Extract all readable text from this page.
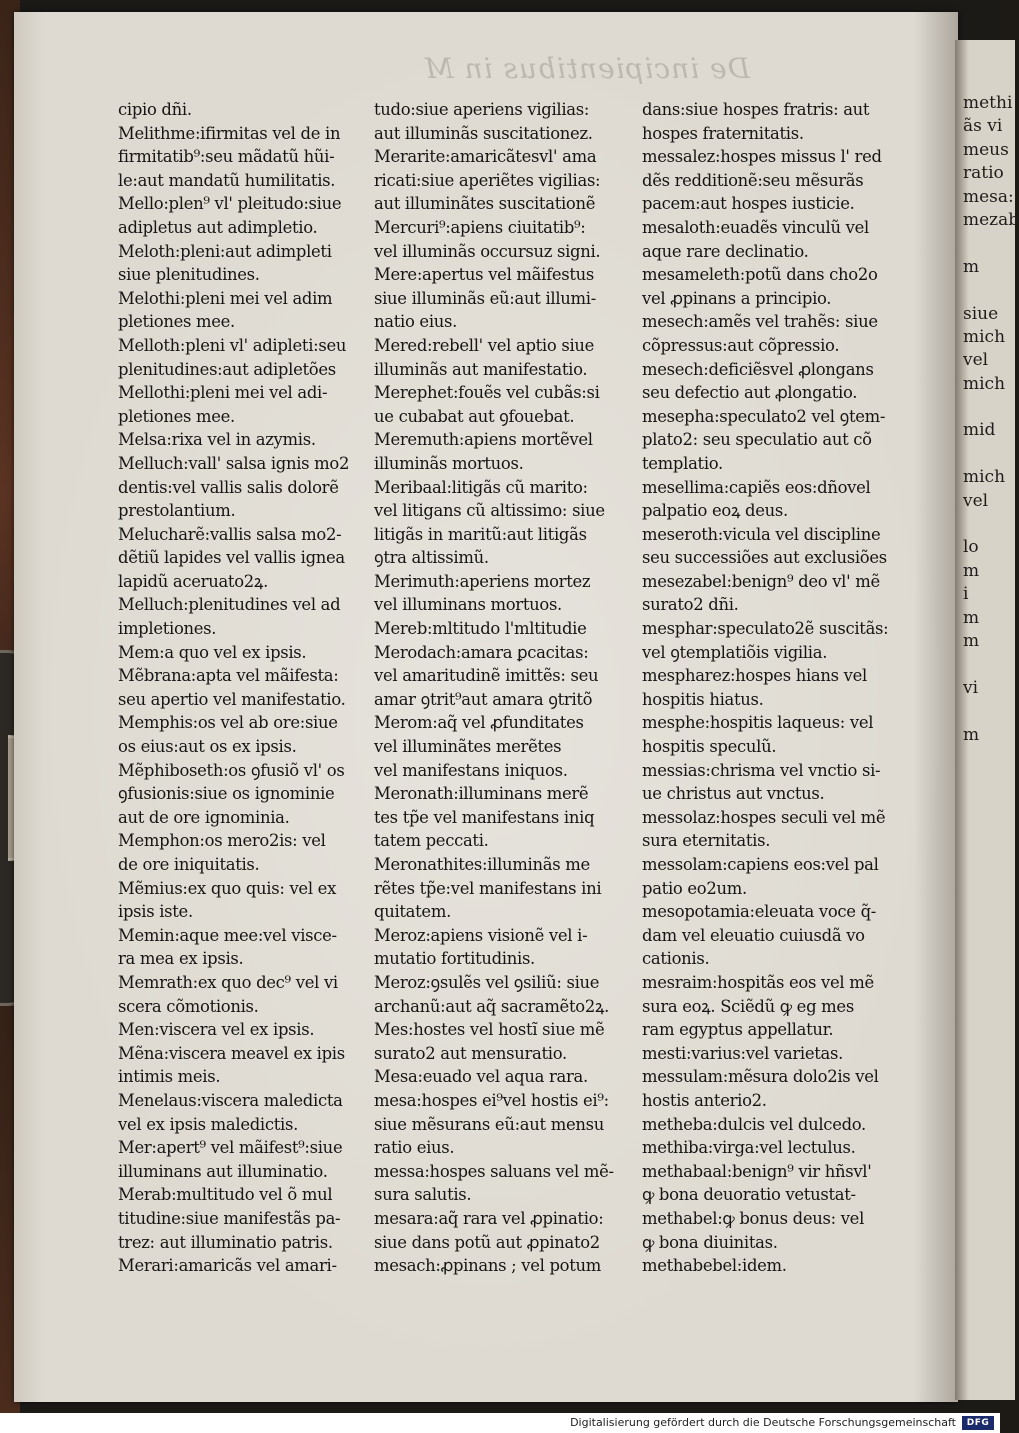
De incipientibus in M
cipio dñi.
Melithme:ifirmitas vel de in
firmitatib⁹:seu mãdatũ hũi-
le:aut mandatũ humilitatis.
Mello:plen⁹ vl' pleitudo:siue
adipletus aut adimpletio.
Meloth:pleni:aut adimpleti
siue plenitudines.
Melothi:pleni mei vel adim
pletiones mee.
Melloth:pleni vl' adipleti:seu
plenitudines:aut adipletões
Mellothi:pleni mei vel adi-
pletiones mee.
Melsa:rixa vel in azymis.
Melluch:vall' salsa ignis mo2
dentis:vel vallis salis dolorẽ
prestolantium.
Melucharẽ:vallis salsa mo2-
dẽtiũ lapides vel vallis ignea
lapidũ aceruato2ꝝ.
Melluch:plenitudines vel ad
impletiones.
Mem:a quo vel ex ipsis.
Mẽbrana:apta vel mãifesta:
seu apertio vel manifestatio.
Memphis:os vel ab ore:siue
os eius:aut os ex ipsis.
Mẽphiboseth:os ꝯfusiõ vl' os
ꝯfusionis:siue os ignominie
aut de ore ignominia.
Memphon:os mero2is: vel
de ore iniquitatis.
Mẽmius:ex quo quis: vel ex
ipsis iste.
Memin:aque mee:vel visce-
ra mea ex ipsis.
Memrath:ex quo dec⁹ vel vi
scera cõmotionis.
Men:viscera vel ex ipsis.
Mẽna:viscera meavel ex ipis
intimis meis.
Menelaus:viscera maledicta
vel ex ipsis maledictis.
Mer:apert⁹ vel mãifest⁹:siue
illuminans aut illuminatio.
Merab:multitudo vel õ mul
titudine:siue manifestãs pa-
trez: aut illuminatio patris.
Merari:amaricãs vel amari-
tudo:siue aperiens vigilias:
aut illuminãs suscitationez.
Merarite:amaricãtesvl' ama
ricati:siue aperiẽtes vigilias:
aut illuminãtes suscitationẽ
Mercuri⁹:apiens ciuitatib⁹:
vel illuminãs occursuz signi.
Mere:apertus vel mãifestus
siue illuminãs eũ:aut illumi-
natio eius.
Mered:rebell' vel aptio siue
illuminãs aut manifestatio.
Merephet:fouẽs vel cubãs:si
ue cubabat aut ꝯfouebat.
Meremuth:apiens mortẽvel
illuminãs mortuos.
Meribaal:litigãs cũ marito:
vel litigans cũ altissimo: siue
litigãs in maritũ:aut litigãs
ꝯtra altissimũ.
Merimuth:aperiens mortez
vel illuminans mortuos.
Mereb:mltitudo l'mltitudie
Merodach:amara ꝑcacitas:
vel amaritudinẽ imittẽs: seu
amar ꝯtrit⁹aut amara ꝯtritõ
Merom:aq̃ vel ꝓfunditates
vel illuminãtes merẽtes
vel manifestans iniquos.
Meronath:illuminans merẽ
tes tp̃e vel manifestans iniq
tatem peccati.
Meronathites:illuminãs me
rẽtes tp̃e:vel manifestans ini
quitatem.
Meroz:apiens visionẽ vel i-
mutatio fortitudinis.
Meroz:ꝯsulẽs vel ꝯsiliũ: siue
archanũ:aut aq̃ sacramẽto2ꝝ.
Mes:hostes vel hostĩ siue mẽ
surato2 aut mensuratio.
Mesa:euado vel aqua rara.
mesa:hospes ei⁹vel hostis ei⁹:
siue mẽsurans eũ:aut mensu
ratio eius.
messa:hospes saluans vel mẽ-
sura salutis.
mesara:aq̃ rara vel ꝓpinatio:
siue dans potũ aut ꝓpinato2
mesach:ꝓpinans ; vel potum
dans:siue hospes fratris: aut
hospes fraternitatis.
messalez:hospes missus l' red
dẽs redditionẽ:seu mẽsurãs
pacem:aut hospes iusticie.
mesaloth:euadẽs vinculũ vel
aque rare declinatio.
mesameleth:potũ dans cho2o
vel ꝓpinans a principio.
mesech:amẽs vel trahẽs: siue
cõpressus:aut cõpressio.
mesech:deficiẽsvel ꝓlongans
seu defectio aut ꝓlongatio.
mesepha:speculato2 vel ꝯtem-
plato2: seu speculatio aut cõ
templatio.
mesellima:capiẽs eos:dñovel
palpatio eoꝝ deus.
meseroth:vicula vel discipline
seu successiões aut exclusiões
mesezabel:benign⁹ deo vl' mẽ
surato2 dñi.
mesphar:speculato2ẽ suscitãs:
vel ꝯtemplatiõis vigilia.
mespharez:hospes hians vel
hospitis hiatus.
mesphe:hospitis laqueus: vel
hospitis speculũ.
messias:chrisma vel vnctio si-
ue christus aut vnctus.
messolaz:hospes seculi vel mẽ
sura eternitatis.
messolam:capiens eos:vel pal
patio eo2um.
mesopotamia:eleuata voce q̃-
dam vel eleuatio cuiusdã vo
cationis.
mesraim:hospitãs eos vel mẽ
sura eoꝝ. Sciẽdũ ꝙ eg mes
ram egyptus appellatur.
mesti:varius:vel varietas.
messulam:mẽsura dolo2is vel
hostis anterio2.
metheba:dulcis vel dulcedo.
methiba:virga:vel lectulus.
methabaal:benign⁹ vir hñsvl'
ꝙ bona deuoratio vetustat-
methabel:ꝙ bonus deus: vel
ꝙ bona diuinitas.
methabebel:idem.
methi
ãs vi
meus
ratio
mesa:
mezab
m
siue
mich
vel
mich
mid
mich
vel
lo
m
i
m
m
vi
m
Digitalisierung gefördert durch die Deutsche Forschungsgemeinschaft	DFG
